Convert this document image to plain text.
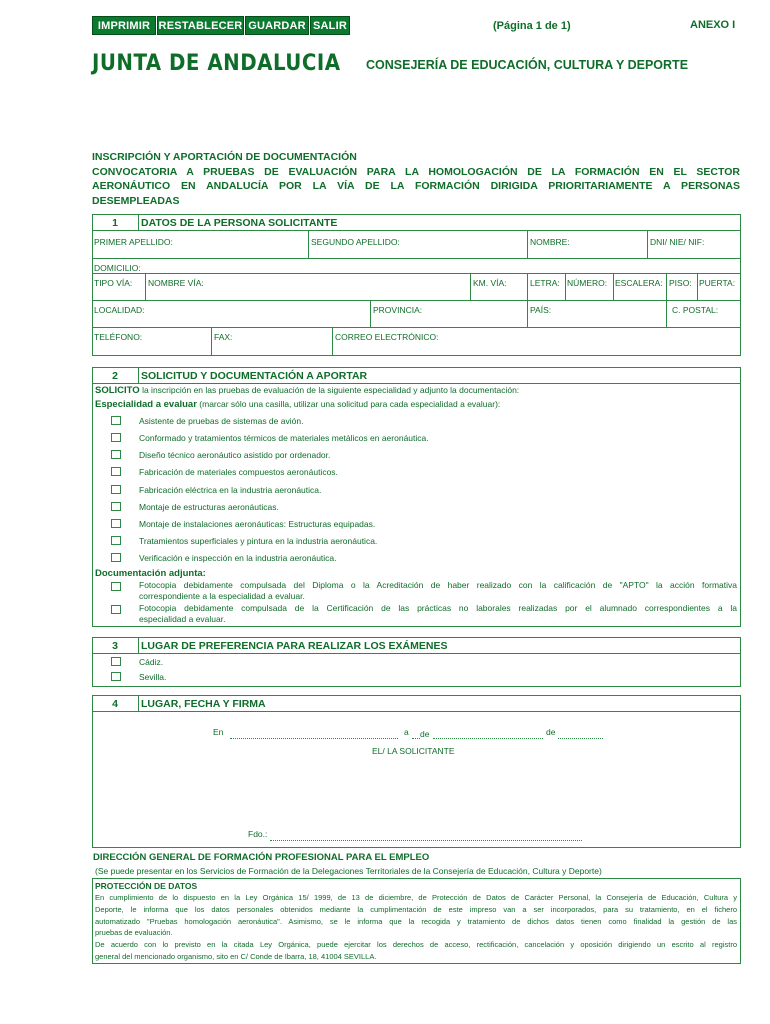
IMPRIMIR RESTABLECER GUARDAR SALIR	(Página 1 de 1)	ANEXO I
JUNTA DE ANDALUCIA CONSEJERÍA DE EDUCACIÓN, CULTURA Y DEPORTE
INSCRIPCIÓN Y APORTACIÓN DE DOCUMENTACIÓN
CONVOCATORIA A PRUEBAS DE EVALUACIÓN PARA LA HOMOLOGACIÓN DE LA FORMACIÓN EN EL SECTOR
AERONÁUTICO EN ANDALUCÍA POR LA VÍA DE LA FORMACIÓN DIRIGIDA PRIORITARIAMENTE A PERSONAS
DESEMPLEADAS
1	DATOS DE LA PERSONA SOLICITANTE
PRIMER APELLIDO:	SEGUNDO APELLIDO:	NOMBRE:	DNI/ NIE/ NIF:
DOMICILIO:
TIPO VÍA: NOMBRE VÍA:	KM. VÍA:	LETRA: NÚMERO: ESCALERA: PISO: PUERTA:
LOCALIDAD:	PROVINCIA:	PAÍS:	C. POSTAL:
TELÉFONO:	FAX:	CORREO ELECTRÓNICO:
2	SOLICITUD Y DOCUMENTACIÓN A APORTAR
SOLICITO la inscripción en las pruebas de evaluación de la siguiente especialidad y adjunto la documentación:
Especialidad a evaluar (marcar sólo una casilla, utilizar una solicitud para cada especialidad a evaluar):
Asistente de pruebas de sistemas de avión.
Conformado y tratamientos térmicos de materiales metálicos en aeronáutica.
Diseño técnico aeronáutico asistido por ordenador.
Fabricación de materiales compuestos aeronáuticos.
Fabricación eléctrica en la industria aeronáutica.
Montaje de estructuras aeronáuticas.
Montaje de instalaciones aeronáuticas: Estructuras equipadas.
Tratamientos superficiales y pintura en la industria aeronáutica.
Verificación e inspección en la industria aeronáutica.
Documentación adjunta:
Fotocopia debidamente compulsada del Diploma o la Acreditación de haber realizado con la calificación de "APTO" la acción formativa
correspondiente a la especialidad a evaluar.
Fotocopia debidamente compulsada de la Certificación de las prácticas no laborales realizadas por el alumnado correspondientes a la
especialidad a evaluar.
3	LUGAR DE PREFERENCIA PARA REALIZAR LOS EXÁMENES
Cádiz.
Sevilla.
4	LUGAR, FECHA Y FIRMA
En	a de	de
EL/ LA SOLICITANTE
Fdo.:
DIRECCIÓN GENERAL DE FORMACIÓN PROFESIONAL PARA EL EMPLEO
(Se puede presentar en los Servicios de Formación de la Delegaciones Territoriales de la Consejería de Educación, Cultura y Deporte)
PROTECCIÓN DE DATOS
En cumplimiento de lo dispuesto en la Ley Orgánica 15/ 1999, de 13 de diciembre, de Protección de Datos de Carácter Personal, la Consejería de Educación, Cultura y
Deporte, le informa que los datos personales obtenidos mediante la cumplimentación de este impreso van a ser incorporados, para su tratamiento, en el fichero
automatizado "Pruebas homologación aeronáutica". Asimismo, se le informa que la recogida y tratamiento de dichos datos tienen como finalidad la gestión de las
pruebas de evaluación.
De acuerdo con lo previsto en la citada Ley Orgánica, puede ejercitar los derechos de acceso, rectificación, cancelación y oposición dirigiendo un escrito al registro
general del mencionado organismo, sito en C/ Conde de Ibarra, 18, 41004 SEVILLA.
